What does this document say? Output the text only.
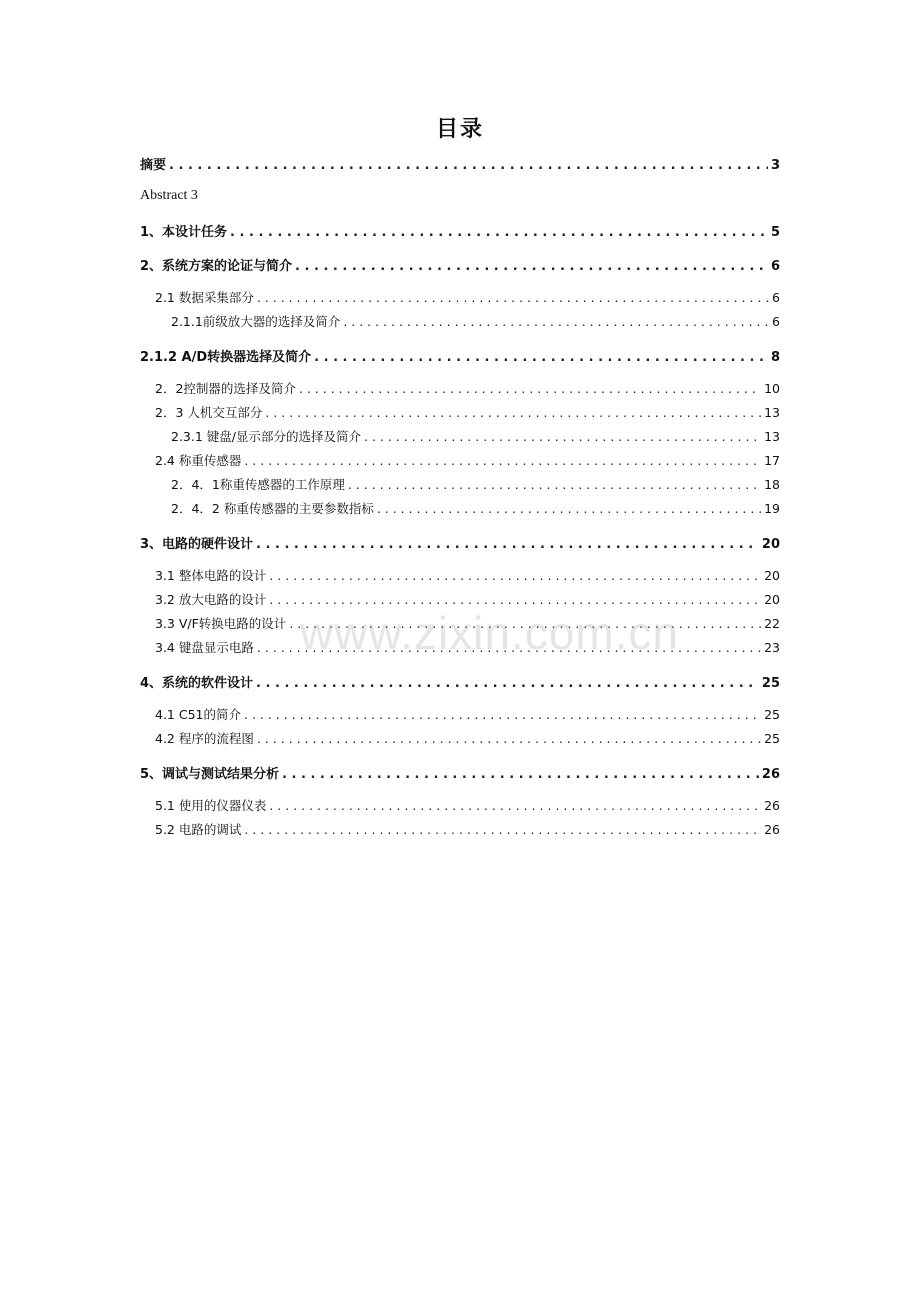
目录
摘要 . . .	3
Abstract 3
1、本设计任务 . . .	5
2、系统方案的论证与简介 . . .	6
2.1 数据采集部分 . . .	6
2.1.1前级放大器的选择及简介 . . .	6
2.1.2 A/D转换器选择及简介 . . .	8
2．2控制器的选择及简介 . . .	10
2．3 人机交互部分 . . .	13
2.3.1 键盘/显示部分的选择及简介 . . .	13
2.4 称重传感器 . . .	17
2．4．1称重传感器的工作原理 . . .	18
2．4．2 称重传感器的主要参数指标 . . .	19
3、电路的硬件设计 . . .	20
3.1 整体电路的设计 . . .	20
3.2 放大电路的设计 . . .	20
3.3 V/F转换电路的设计 . . .	22
3.4 键盘显示电路 . . .	23
4、系统的软件设计 . . .	25
4.1 C51的简介 . . .	25
4.2 程序的流程图 . . .	25
5、调试与测试结果分析 . . .	26
5.1 使用的仪器仪表 . . .	26
5.2 电路的调试 . . .	26
www.zixin.com.cn
